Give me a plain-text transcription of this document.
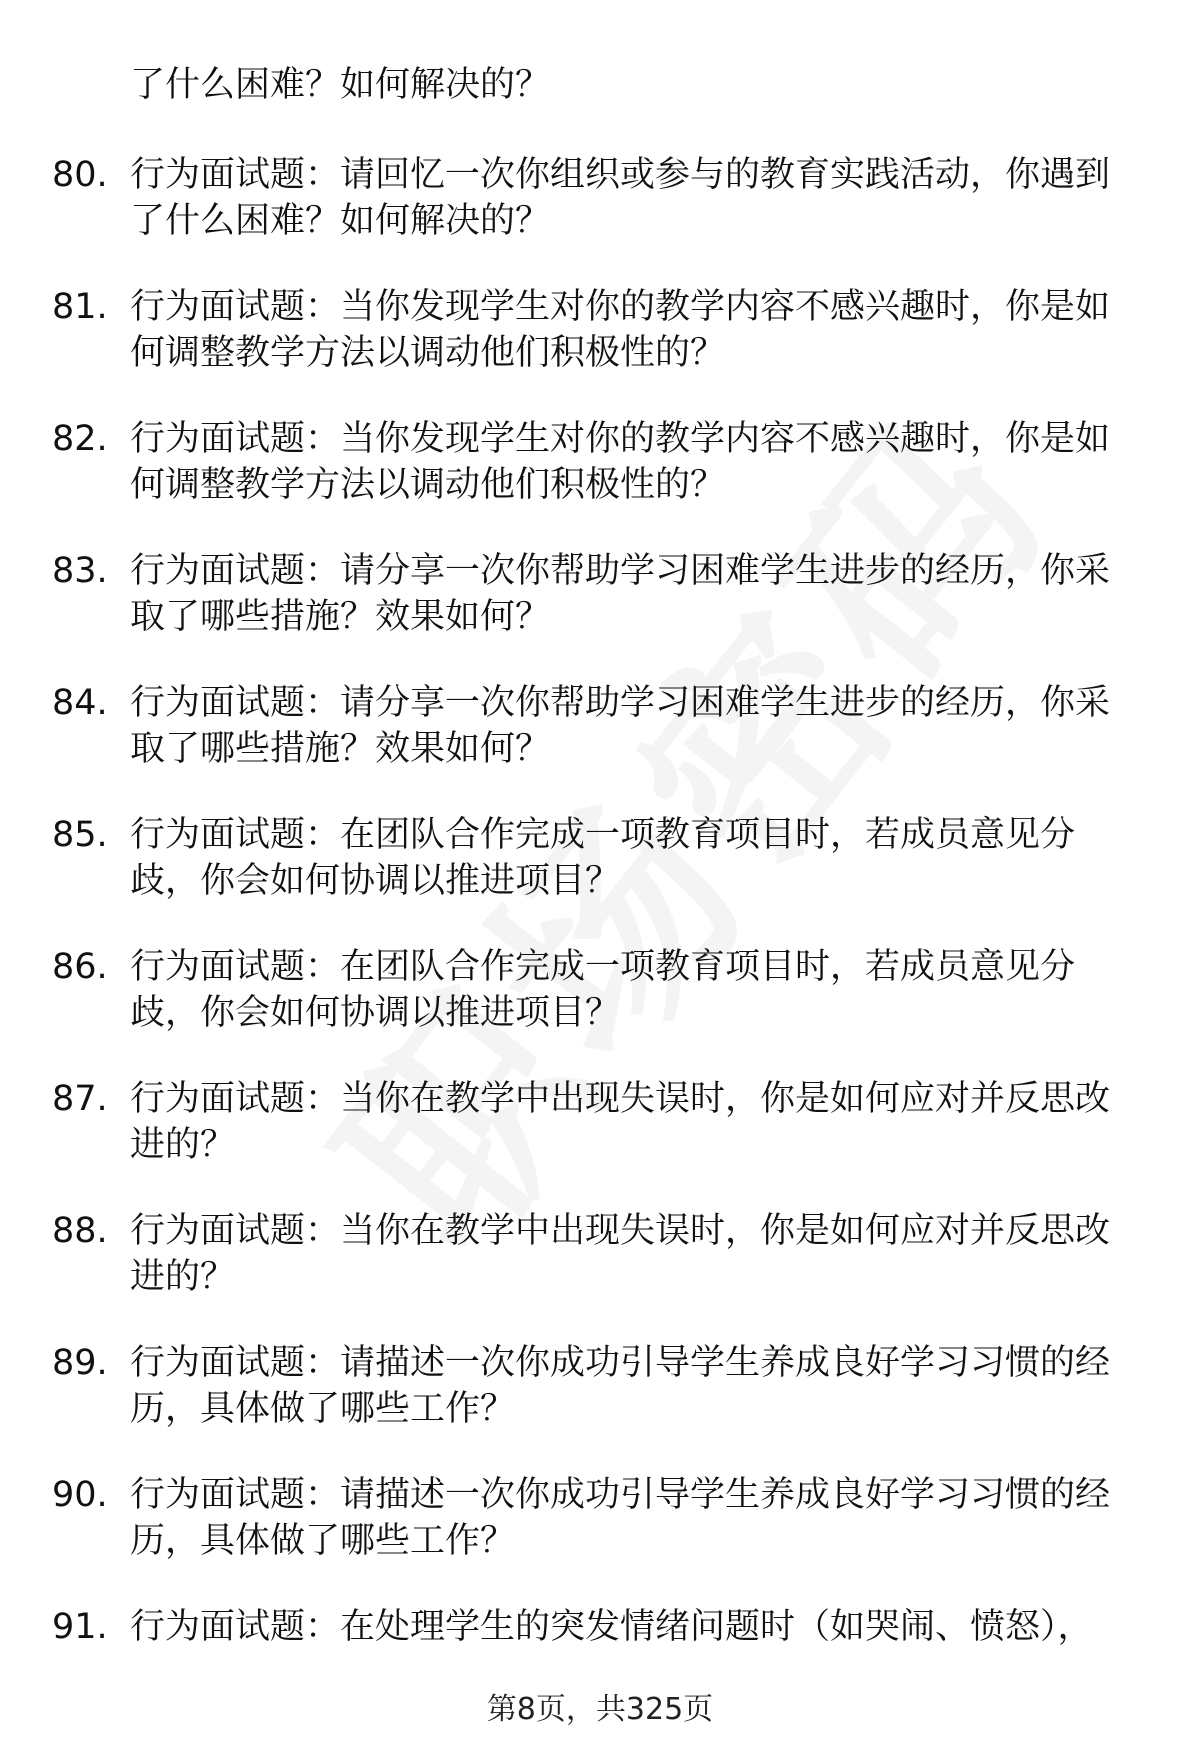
了什么困难？如何解决的？
80. 行为面试题：请回忆一次你组织或参与的教育实践活动，你遇到了什么困难？如何解决的？
81. 行为面试题：当你发现学生对你的教学内容不感兴趣时，你是如何调整教学方法以调动他们积极性的？
82. 行为面试题：当你发现学生对你的教学内容不感兴趣时，你是如何调整教学方法以调动他们积极性的？
83. 行为面试题：请分享一次你帮助学习困难学生进步的经历，你采取了哪些措施？效果如何？
84. 行为面试题：请分享一次你帮助学习困难学生进步的经历，你采取了哪些措施？效果如何？
85. 行为面试题：在团队合作完成一项教育项目时，若成员意见分歧，你会如何协调以推进项目？
86. 行为面试题：在团队合作完成一项教育项目时，若成员意见分歧，你会如何协调以推进项目？
87. 行为面试题：当你在教学中出现失误时，你是如何应对并反思改进的？
88. 行为面试题：当你在教学中出现失误时，你是如何应对并反思改进的？
89. 行为面试题：请描述一次你成功引导学生养成良好学习习惯的经历，具体做了哪些工作？
90. 行为面试题：请描述一次你成功引导学生养成良好学习习惯的经历，具体做了哪些工作？
91. 行为面试题：在处理学生的突发情绪问题时（如哭闹、愤怒），
第8页，共325页
